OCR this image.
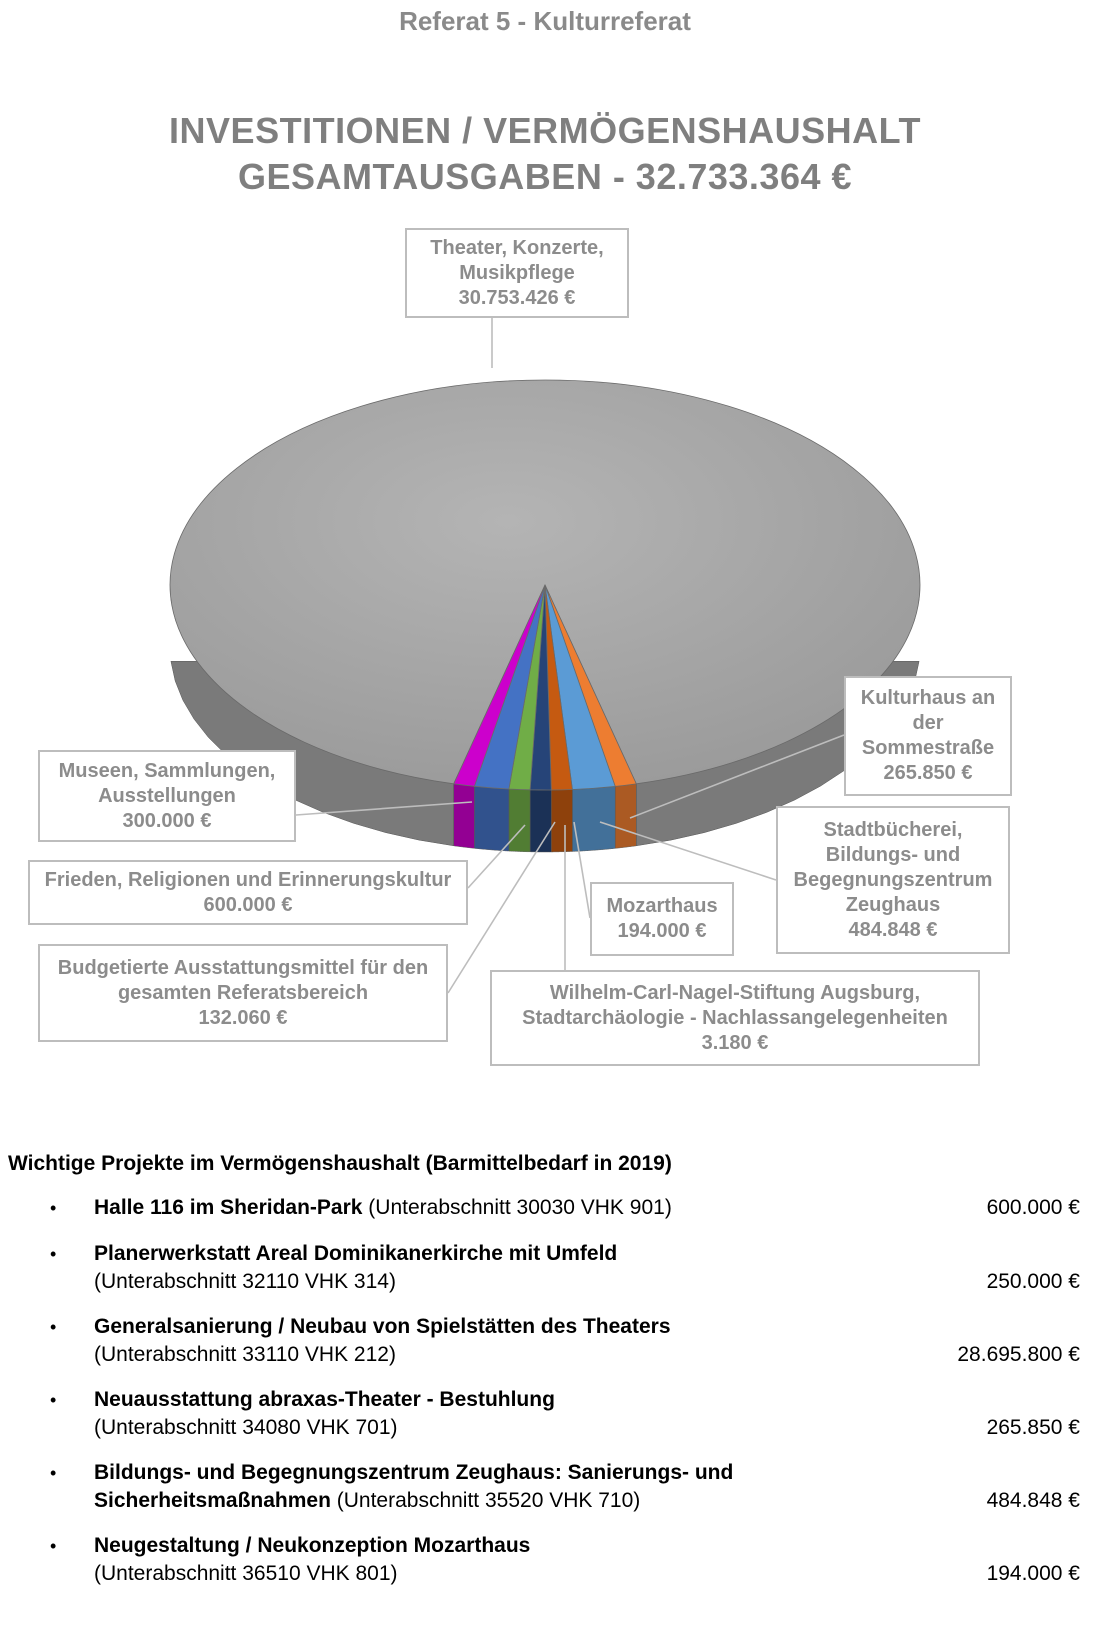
Referat 5 - Kulturreferat
INVESTITIONEN / VERMÖGENSHAUSHALT
GESAMTAUSGABEN - 32.733.364 €
Theater, Konzerte,
Musikpflege
30.753.426 €
Museen, Sammlungen,
Ausstellungen
300.000 €
Frieden, Religionen und Erinnerungskultur
600.000 €
Budgetierte Ausstattungsmittel für den
gesamten Referatsbereich
132.060 €
Wilhelm-Carl-Nagel-Stiftung Augsburg,
Stadtarchäologie - Nachlassangelegenheiten
3.180 €
Mozarthaus
194.000 €
Stadtbücherei,
Bildungs- und
Begegnungszentrum
Zeughaus
484.848 €
Kulturhaus an
der
Sommestraße
265.850 €
Wichtige Projekte im Vermögenshaushalt (Barmittelbedarf in 2019)
• Halle 116 im Sheridan-Park (Unterabschnitt 30030 VHK 901)	600.000 €
• Planerwerkstatt Areal Dominikanerkirche mit Umfeld
(Unterabschnitt 32110 VHK 314)	250.000 €
• Generalsanierung / Neubau von Spielstätten des Theaters
(Unterabschnitt 33110 VHK 212)	28.695.800 €
• Neuausstattung abraxas-Theater - Bestuhlung
(Unterabschnitt 34080 VHK 701)	265.850 €
• Bildungs- und Begegnungszentrum Zeughaus: Sanierungs- und
Sicherheitsmaßnahmen (Unterabschnitt 35520 VHK 710)	484.848 €
• Neugestaltung / Neukonzeption Mozarthaus
(Unterabschnitt 36510 VHK 801)	194.000 €
